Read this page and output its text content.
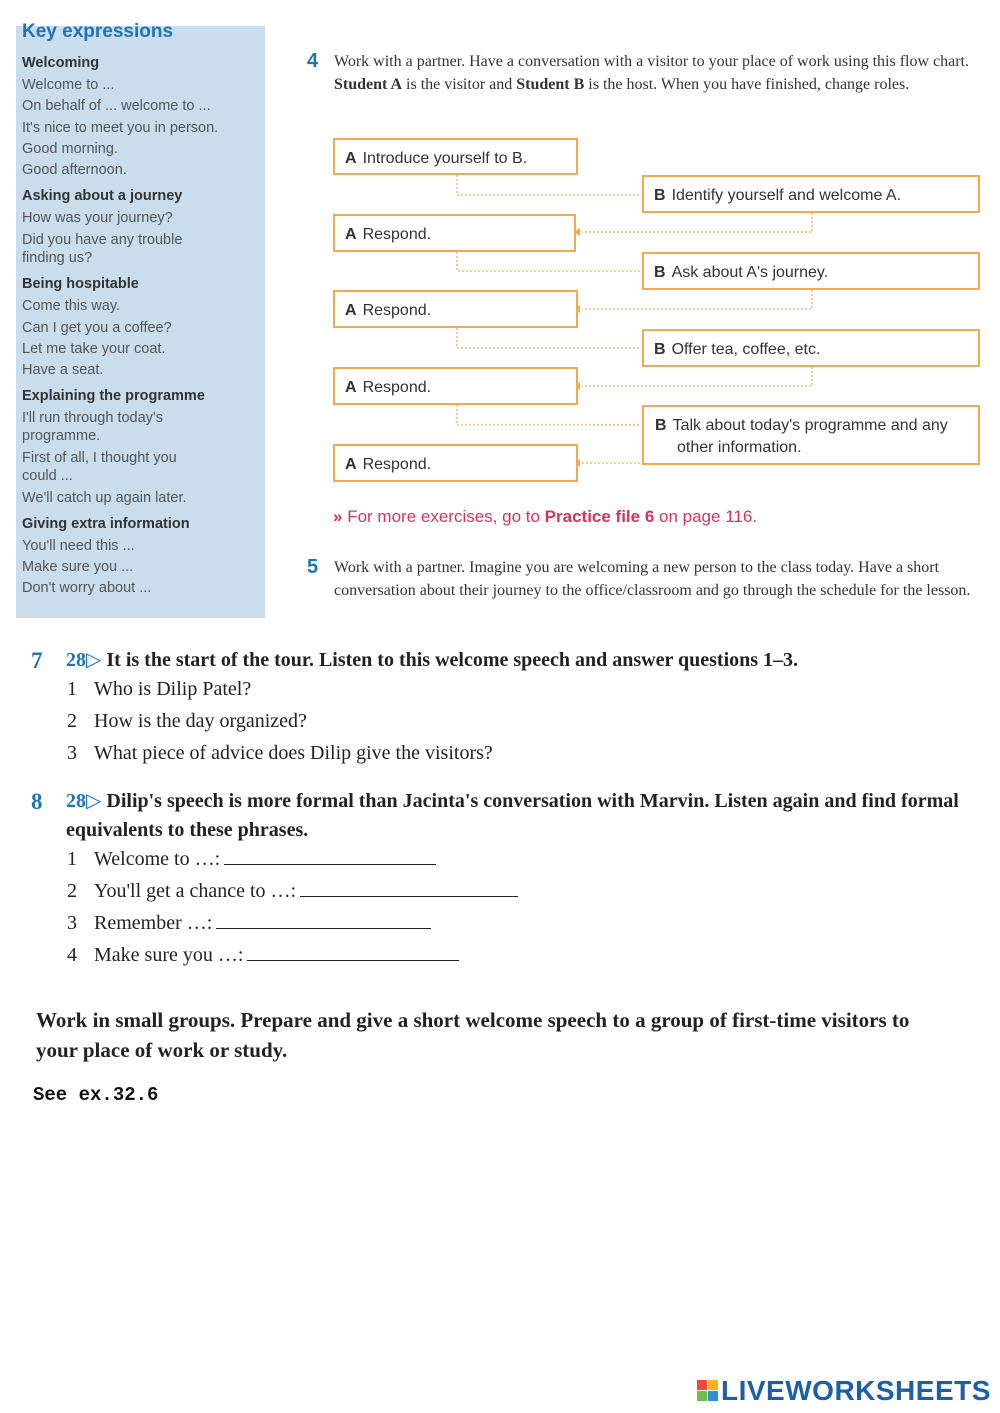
Key expressions

Welcoming

Welcome to ...

On behalf of ... welcome to ...

It's nice to meet you in person.

Good morning.

Good afternoon.

Asking about a journey

How was your journey?

Did you have any trouble finding us?

Being hospitable

Come this way.

Can I get you a coffee?

Let me take your coat.

Have a seat.

Explaining the programme

I'll run through today's programme.

First of all, I thought you could ...

We'll catch up again later.

Giving extra information

You'll need this ...

Make sure you ...

Don't worry about ...

4 Work with a partner. Have a conversation with a visitor to your place of work using this flow chart. Student A is the visitor and Student B is the host. When you have finished, change roles.
A Introduce yourself to B.
B Identify yourself and welcome A.
A Respond.
B Ask about A's journey.
A Respond.
B Offer tea, coffee, etc.
A Respond.
B Talk about today's programme and any other information.
A Respond.
» For more exercises, go to Practice file 6 on page 116.
5 Work with a partner. Imagine you are welcoming a new person to the class today. Have a short conversation about their journey to the office/classroom and go through the schedule for the lesson.
7 28▷ It is the start of the tour. Listen to this welcome speech and answer questions 1–3.
1 Who is Dilip Patel?
2 How is the day organized?
3 What piece of advice does Dilip give the visitors?
8 28▷ Dilip's speech is more formal than Jacinta's conversation with Marvin. Listen again and find formal equivalents to these phrases.
1 Welcome to …:
2 You'll get a chance to …:
3 Remember …:
4 Make sure you …:
Work in small groups. Prepare and give a short welcome speech to a group of first-time visitors to your place of work or study.
See ex.32.6
LIVEWORKSHEETS
